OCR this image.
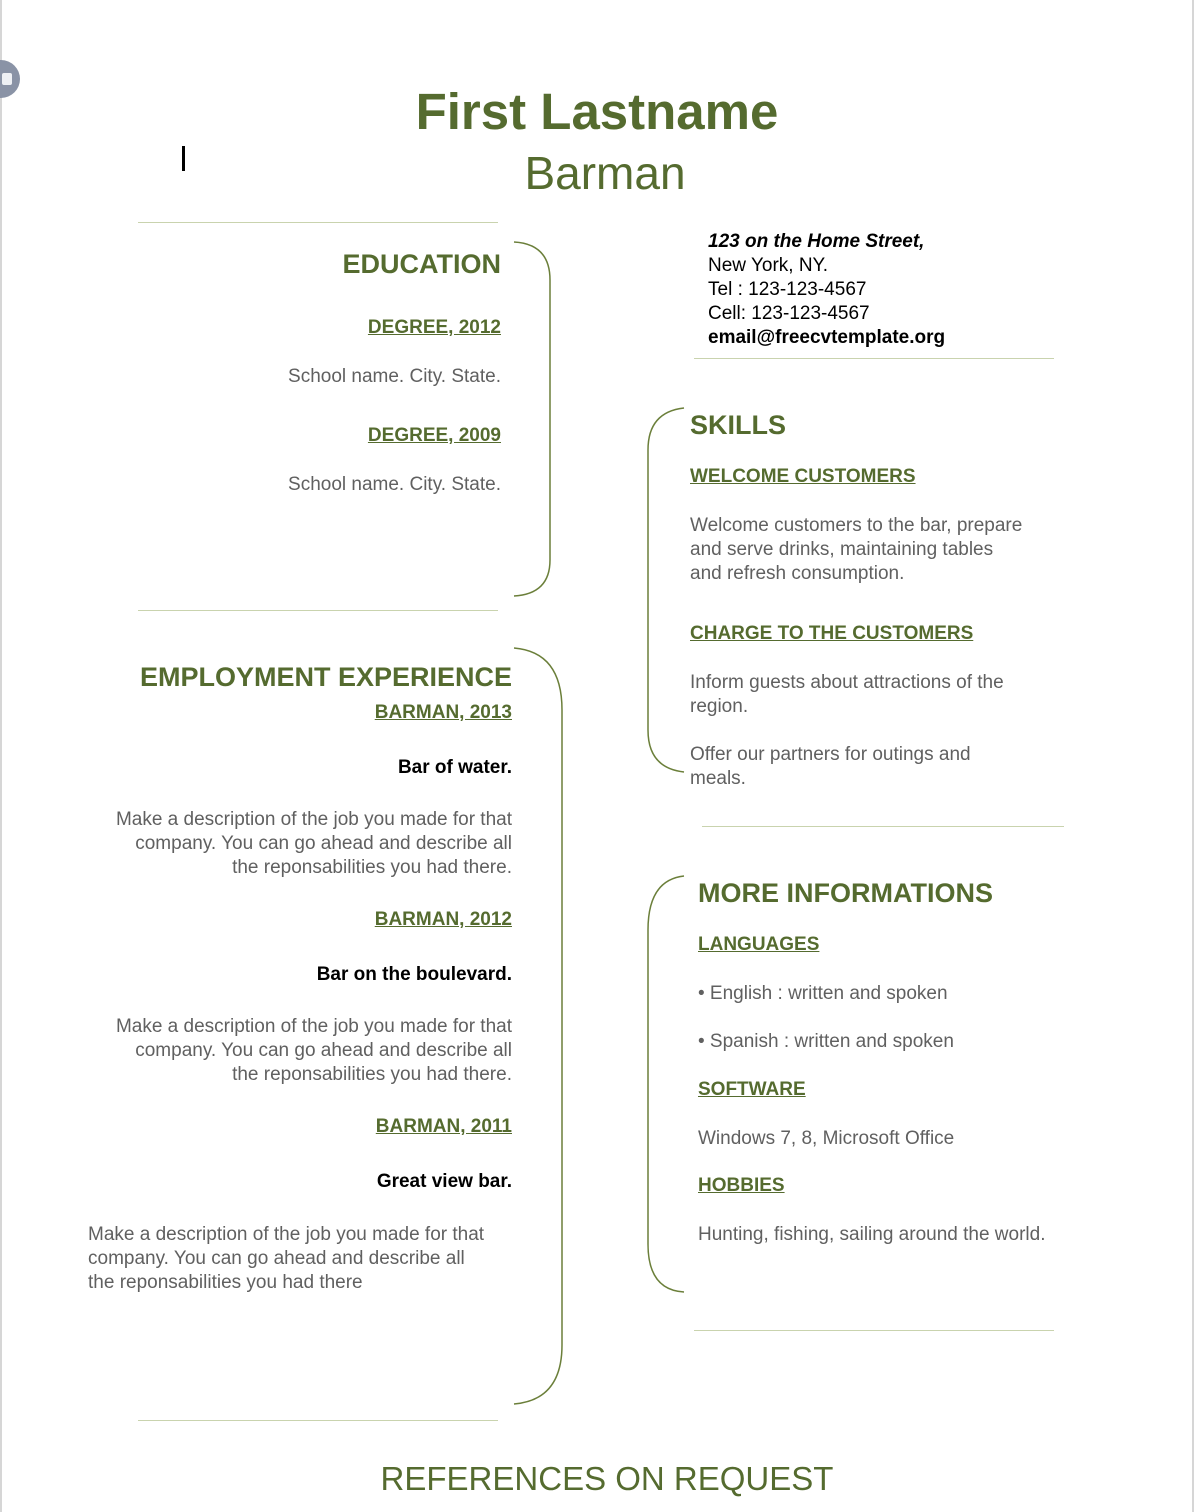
First Lastname
Barman
EDUCATION
DEGREE, 2012
School name. City. State.
DEGREE, 2009
School name. City. State.
EMPLOYMENT EXPERIENCE
BARMAN, 2013
Bar of water.
Make a description of the job you made for that
company. You can go ahead and describe all
the reponsabilities you had there.
BARMAN, 2012
Bar on the boulevard.
Make a description of the job you made for that
company. You can go ahead and describe all
the reponsabilities you had there.
BARMAN, 2011
Great view bar.
Make a description of the job you made for that
company. You can go ahead and describe all
the reponsabilities you had there
123 on the Home Street,
New York, NY.
Tel : 123-123-4567
Cell: 123-123-4567
email@freecvtemplate.org
SKILLS
WELCOME CUSTOMERS
Welcome customers to the bar, prepare
and serve drinks, maintaining tables
and refresh consumption.
CHARGE TO THE CUSTOMERS
Inform guests about attractions of the
region.
Offer our partners for outings and
meals.
MORE INFORMATIONS
LANGUAGES
• English : written and spoken
• Spanish : written and spoken
SOFTWARE
Windows 7, 8, Microsoft Office
HOBBIES
Hunting, fishing, sailing around the world.
REFERENCES ON REQUEST
